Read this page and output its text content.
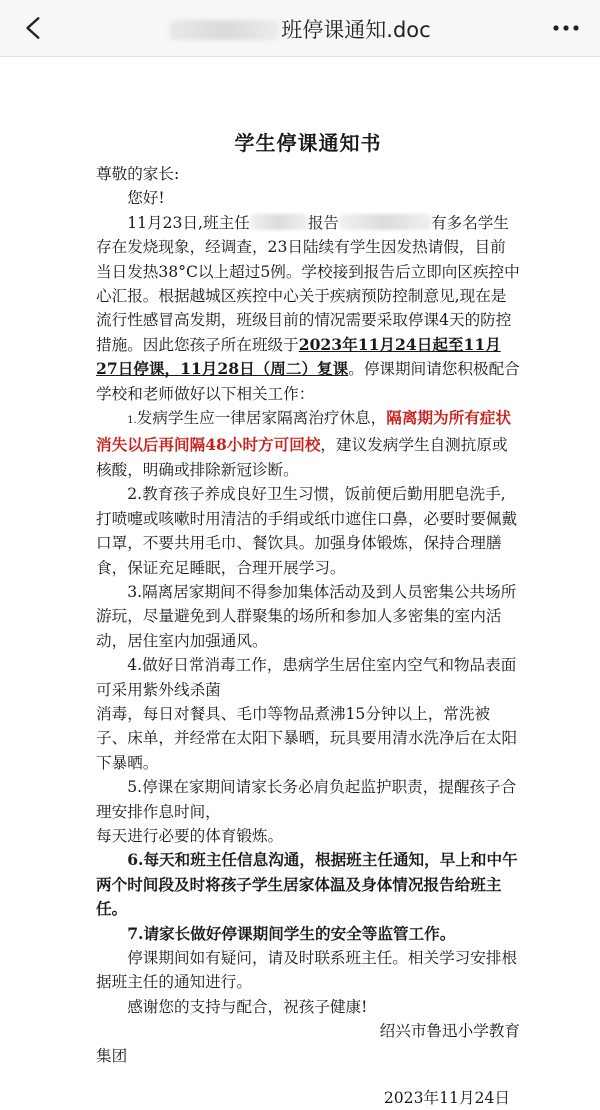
班停课通知.doc
学生停课通知书

尊敬的家长:

您好!

11月23日,班主任	报告	有多名学生存在发烧现象，经调查，23日陆续有学生因发热请假，目前当日发热38°C以上超过5例。学校接到报告后立即向区疾控中心汇报。根据越城区疾控中心关于疾病预防控制意见,现在是流行性感冒高发期，班级目前的情况需要采取停课4天的防控措施。因此您孩子所在班级于2023年11月24日起至11月27日停课，11月28日（周二）复课。停课期间请您积极配合学校和老师做好以下相关工作：

1.发病学生应一律居家隔离治疗休息，隔离期为所有症状消失以后再间隔48小时方可回校，建议发病学生自测抗原或核酸，明确或排除新冠诊断。

2.教育孩子养成良好卫生习惯，饭前便后勤用肥皂洗手,打喷嚏或咳嗽时用清洁的手绢或纸巾遮住口鼻，必要时要佩戴口罩，不要共用毛巾、餐饮具。加强身体锻炼，保持合理膳食，保证充足睡眠，合理开展学习。

3.隔离居家期间不得参加集体活动及到人员密集公共场所游玩，尽量避免到人群聚集的场所和参加人多密集的室内活动，居住室内加强通风。

4.做好日常消毒工作，患病学生居住室内空气和物品表面可采用紫外线杀菌

消毒，每日对餐具、毛巾等物品煮沸15分钟以上，常洗被子、床单，并经常在太阳下暴晒，玩具要用清水洗净后在太阳下暴晒。

5.停课在家期间请家长务必肩负起监护职责，提醒孩子合理安排作息时间，

每天进行必要的体育锻炼。

6.每天和班主任信息沟通，根据班主任通知，早上和中午两个时间段及时将孩子学生居家体温及身体情况报告给班主任。

7.请家长做好停课期间学生的安全等监管工作。

停课期间如有疑问，请及时联系班主任。相关学习安排根据班主任的通知进行。

感谢您的支持与配合，祝孩子健康!

绍兴市鲁迅小学教育

集团

2023年11月24日
